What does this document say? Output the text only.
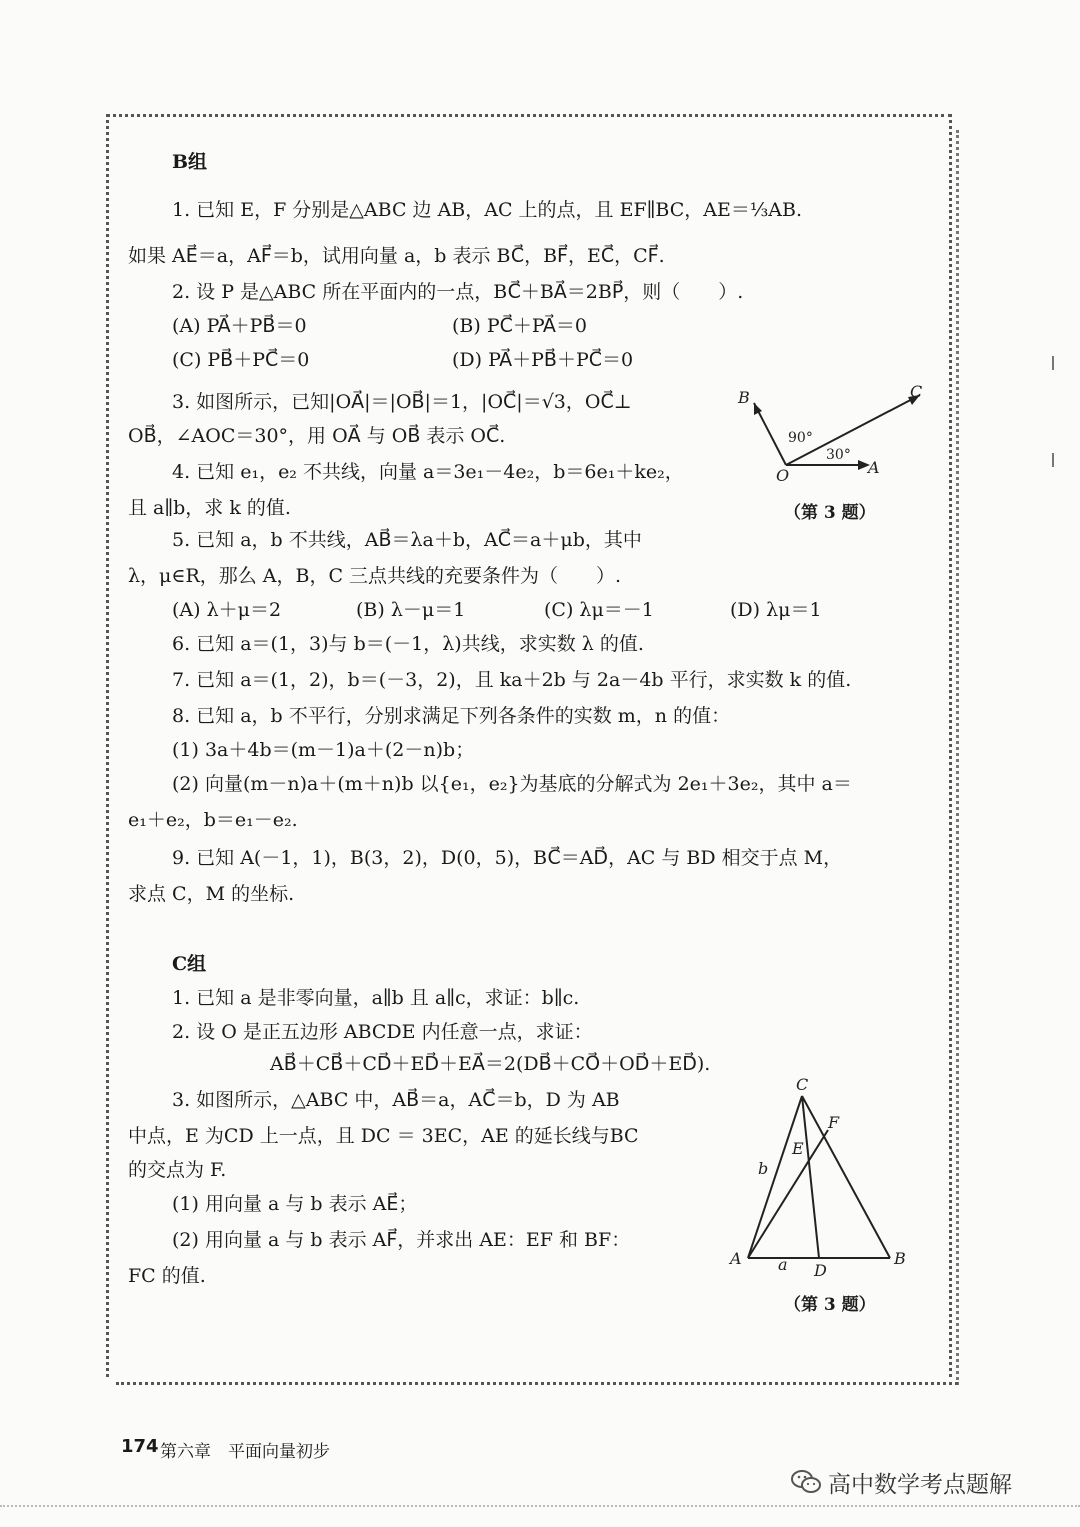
B组
1. 已知 E，F 分别是△ABC 边 AB，AC 上的点，且 EF∥BC，AE＝⅓AB.
如果 AE⃗＝a，AF⃗＝b，试用向量 a，b 表示 BC⃗，BF⃗，EC⃗，CF⃗.
2. 设 P 是△ABC 所在平面内的一点，BC⃗＋BA⃗＝2BP⃗，则（　　）.
(A) PA⃗＋PB⃗＝0	(B) PC⃗＋PA⃗＝0
(C) PB⃗＋PC⃗＝0	(D) PA⃗＋PB⃗＋PC⃗＝0
3. 如图所示，已知|OA⃗|＝|OB⃗|＝1，|OC⃗|＝√3，OC⃗⊥
OB⃗，∠AOC＝30°，用 OA⃗ 与 OB⃗ 表示 OC⃗.
4. 已知 e₁，e₂ 不共线，向量 a＝3e₁－4e₂，b＝6e₁＋ke₂，
且 a∥b，求 k 的值.
5. 已知 a，b 不共线，AB⃗＝λa＋b，AC⃗＝a＋μb，其中
λ，μ∈R，那么 A，B，C 三点共线的充要条件为（　　）.
(A) λ＋μ＝2	(B) λ－μ＝1	(C) λμ＝－1	(D) λμ＝1
6. 已知 a＝(1，3)与 b＝(－1，λ)共线，求实数 λ 的值.
7. 已知 a＝(1，2)，b＝(－3，2)，且 ka＋2b 与 2a－4b 平行，求实数 k 的值.
8. 已知 a，b 不平行，分别求满足下列各条件的实数 m，n 的值：
(1) 3a＋4b＝(m－1)a＋(2－n)b；
(2) 向量(m－n)a＋(m＋n)b 以{e₁，e₂}为基底的分解式为 2e₁＋3e₂，其中 a＝
e₁＋e₂，b＝e₁－e₂.
9. 已知 A(－1，1)，B(3，2)，D(0，5)，BC⃗＝AD⃗，AC 与 BD 相交于点 M，
求点 C，M 的坐标.
B	C
O	A
90°
30°
（第 3 题）
C组
1. 已知 a 是非零向量，a∥b 且 a∥c，求证：b∥c.
2. 设 O 是正五边形 ABCDE 内任意一点，求证：
AB⃗＋CB⃗＋CD⃗＋ED⃗＋EA⃗＝2(DB⃗＋CO⃗＋OD⃗＋ED⃗).
3. 如图所示，△ABC 中，AB⃗＝a，AC⃗＝b，D 为 AB
中点，E 为CD 上一点，且 DC ＝ 3EC，AE 的延长线与BC
的交点为 F.
(1) 用向量 a 与 b 表示 AE⃗；
(2) 用向量 a 与 b 表示 AF⃗，并求出 AE：EF 和 BF：
FC 的值.
C
F
E
b
A a D
B
（第 3 题）
174 第六章　平面向量初步
高中数学考点题解
